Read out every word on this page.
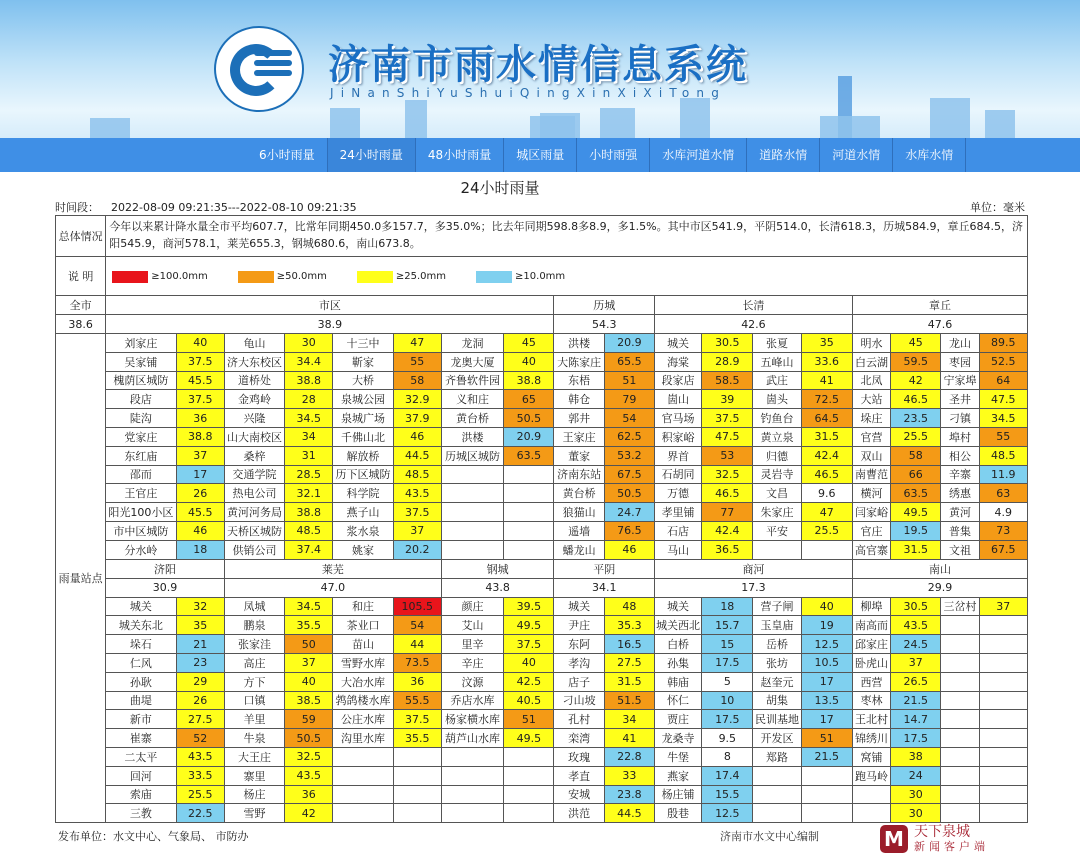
济南市雨水情信息系统
JiNanShiYuShuiQingXinXiXiTong
6小时雨量	24小时雨量	48小时雨量	城区雨量	小时雨强	水库河道水情	道路水情	河道水情	水库水情
24小时雨量
时间段： 2022-08-09 09:21:35---2022-08-10 09:21:35	单位：毫米
总体情况	今年以来累计降水量全市平均607.7，比常年同期450.0多157.7，多35.0%；比去年同期598.8多8.9，多1.5%。其中市区541.9，平阴514.0，长清618.3，历城584.9，章丘684.5，济阳545.9，商河578.1，莱芜655.3，钢城680.6，南山673.8。																	
说 明	≥100.0mm ≥50.0mm ≥25.0mm ≥10.0mm																	
全市	市区								历城		长清				章丘			
38.6	38.9								54.3		42.6				47.6			
雨量站点	刘家庄	40	龟山	30	十三中	47	龙洞	45	洪楼	20.9	城关	30.5	张夏	35	明水	45	龙山	89.5
	吴家铺	37.5	济大东校区	34.4	靳家	55	龙奥大厦	40	大陈家庄	65.5	海棠	28.9	五峰山	33.6	白云湖	59.5	枣园	52.5
	槐荫区城防	45.5	道桥处	38.8	大桥	58	齐鲁软件园	38.8	东梧	51	段家店	58.5	武庄	41	北凤	42	宁家埠	64
	段店	37.5	金鸡岭	28	泉城公园	32.9	义和庄	65	韩仓	79	崮山	39	崮头	72.5	大站	46.5	圣井	47.5
	陡沟	36	兴隆	34.5	泉城广场	37.9	黄台桥	50.5	郭井	54	官马场	37.5	钓鱼台	64.5	垛庄	23.5	刁镇	34.5
	党家庄	38.8	山大南校区	34	千佛山北	46	洪楼	20.9	王家庄	62.5	积家峪	47.5	黄立泉	31.5	官营	25.5	埠村	55
	东红庙	37	桑梓	31	解放桥	44.5	历城区城防	63.5	董家	53.2	界首	53	归德	42.4	双山	58	相公	48.5
	邵而	17	交通学院	28.5	历下区城防	48.5			济南东站	67.5	石胡同	32.5	灵岩寺	46.5	南曹范	66	辛寨	11.9
	王官庄	26	热电公司	32.1	科学院	43.5			黄台桥	50.5	万德	46.5	文昌	9.6	横河	63.5	绣惠	63
	阳光100小区	45.5	黄河河务局	38.8	燕子山	37.5			狼猫山	24.7	孝里铺	77	朱家庄	47	闫家峪	49.5	黄河	4.9
	市中区城防	46	天桥区城防	48.5	浆水泉	37			遥墙	76.5	石店	42.4	平安	25.5	官庄	19.5	普集	73
	分水岭	18	供销公司	37.4	姚家	20.2			蟠龙山	46	马山	36.5			高官寨	31.5	文祖	67.5
	济阳		莱芜				钢城		平阴		商河				南山			
	30.9		47.0				43.8		34.1		17.3				29.9			
	城关	32	凤城	34.5	和庄	105.5	颜庄	39.5	城关	48	城关	18	营子闸	40	柳埠	30.5	三岔村	37
	城关东北	35	鹏泉	35.5	茶业口	54	艾山	49.5	尹庄	35.3	城关西北	15.7	玉皇庙	19	南高而	43.5		
	垛石	21	张家洼	50	苗山	44	里辛	37.5	东阿	16.5	白桥	15	岳桥	12.5	邱家庄	24.5		
	仁风	23	高庄	37	雪野水库	73.5	辛庄	40	孝沟	27.5	孙集	17.5	张坊	10.5	卧虎山	37		
	孙耿	29	方下	40	大冶水库	36	汶源	42.5	店子	31.5	韩庙	5	赵奎元	17	西营	26.5		
	曲堤	26	口镇	38.5	鹁鸽楼水库	55.5	乔店水库	40.5	刁山坡	51.5	怀仁	10	胡集	13.5	枣林	21.5		
	新市	27.5	羊里	59	公庄水库	37.5	杨家横水库	51	孔村	34	贾庄	17.5	民训基地	17	王北村	14.7		
	崔寨	52	牛泉	50.5	沟里水库	35.5	葫芦山水库	49.5	栾湾	41	龙桑寺	9.5	开发区	51	锦绣川	17.5		
	二太平	43.5	大王庄	32.5					玫瑰	22.8	牛堡	8	郑路	21.5	窝铺	38		
	回河	33.5	寨里	43.5					孝直	33	燕家	17.4			跑马岭	24		
	索庙	25.5	杨庄	36					安城	23.8	杨庄铺	15.5				30		
	三教	22.5	雪野	42					洪范	44.5	殷巷	12.5				30		
发布单位：水文中心、气象局、 市防办	济南市水文中心编制	M 天下泉城
新闻客户端
